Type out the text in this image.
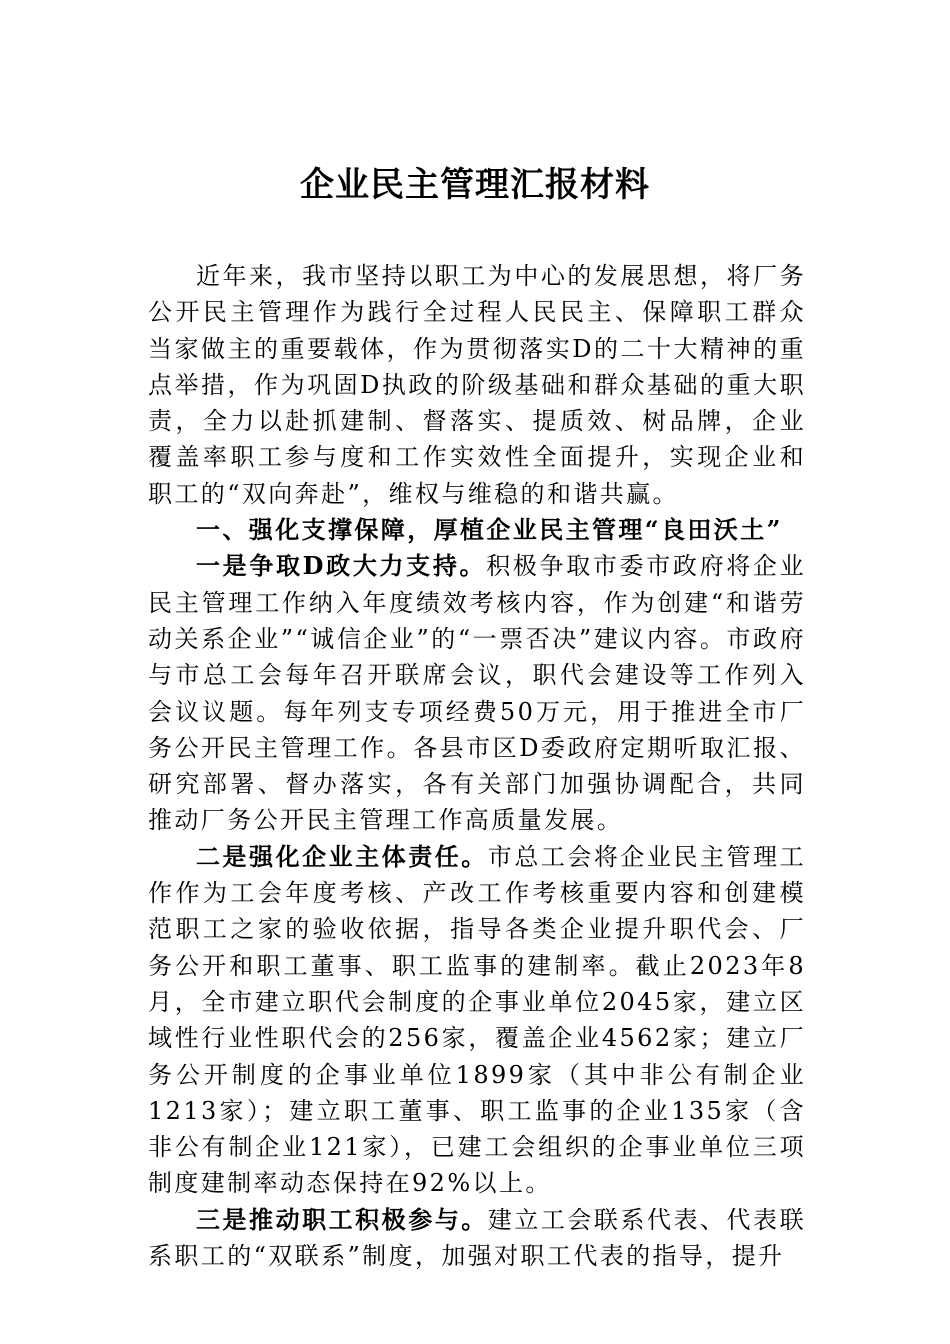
企业民主管理汇报材料

近年来，我市坚持以职工为中心的发展思想，将厂务公开民主管理作为践行全过程人民民主、保障职工群众当家做主的重要载体，作为贯彻落实D的二十大精神的重点举措，作为巩固D执政的阶级基础和群众基础的重大职责，全力以赴抓建制、督落实、提质效、树品牌，企业覆盖率职工参与度和工作实效性全面提升，实现企业和职工的“双向奔赴”，维权与维稳的和谐共赢。

一、强化支撑保障，厚植企业民主管理“良田沃土”

一是争取D政大力支持。积极争取市委市政府将企业民主管理工作纳入年度绩效考核内容，作为创建“和谐劳动关系企业”“诚信企业”的“一票否决”建议内容。市政府与市总工会每年召开联席会议，职代会建设等工作列入会议议题。每年列支专项经费50万元，用于推进全市厂务公开民主管理工作。各县市区D委政府定期听取汇报、研究部署、督办落实，各有关部门加强协调配合，共同推动厂务公开民主管理工作高质量发展。

二是强化企业主体责任。市总工会将企业民主管理工作作为工会年度考核、产改工作考核重要内容和创建模范职工之家的验收依据，指导各类企业提升职代会、厂务公开和职工董事、职工监事的建制率。截止2023年8月，全市建立职代会制度的企事业单位2045家，建立区域性行业性职代会的256家，覆盖企业4562家；建立厂务公开制度的企事业单位1899家（其中非公有制企业1213家）；建立职工董事、职工监事的企业135家（含非公有制企业121家），已建工会组织的企事业单位三项制度建制率动态保持在92%以上。

三是推动职工积极参与。建立工会联系代表、代表联系职工的“双联系”制度，加强对职工代表的指导，提升
